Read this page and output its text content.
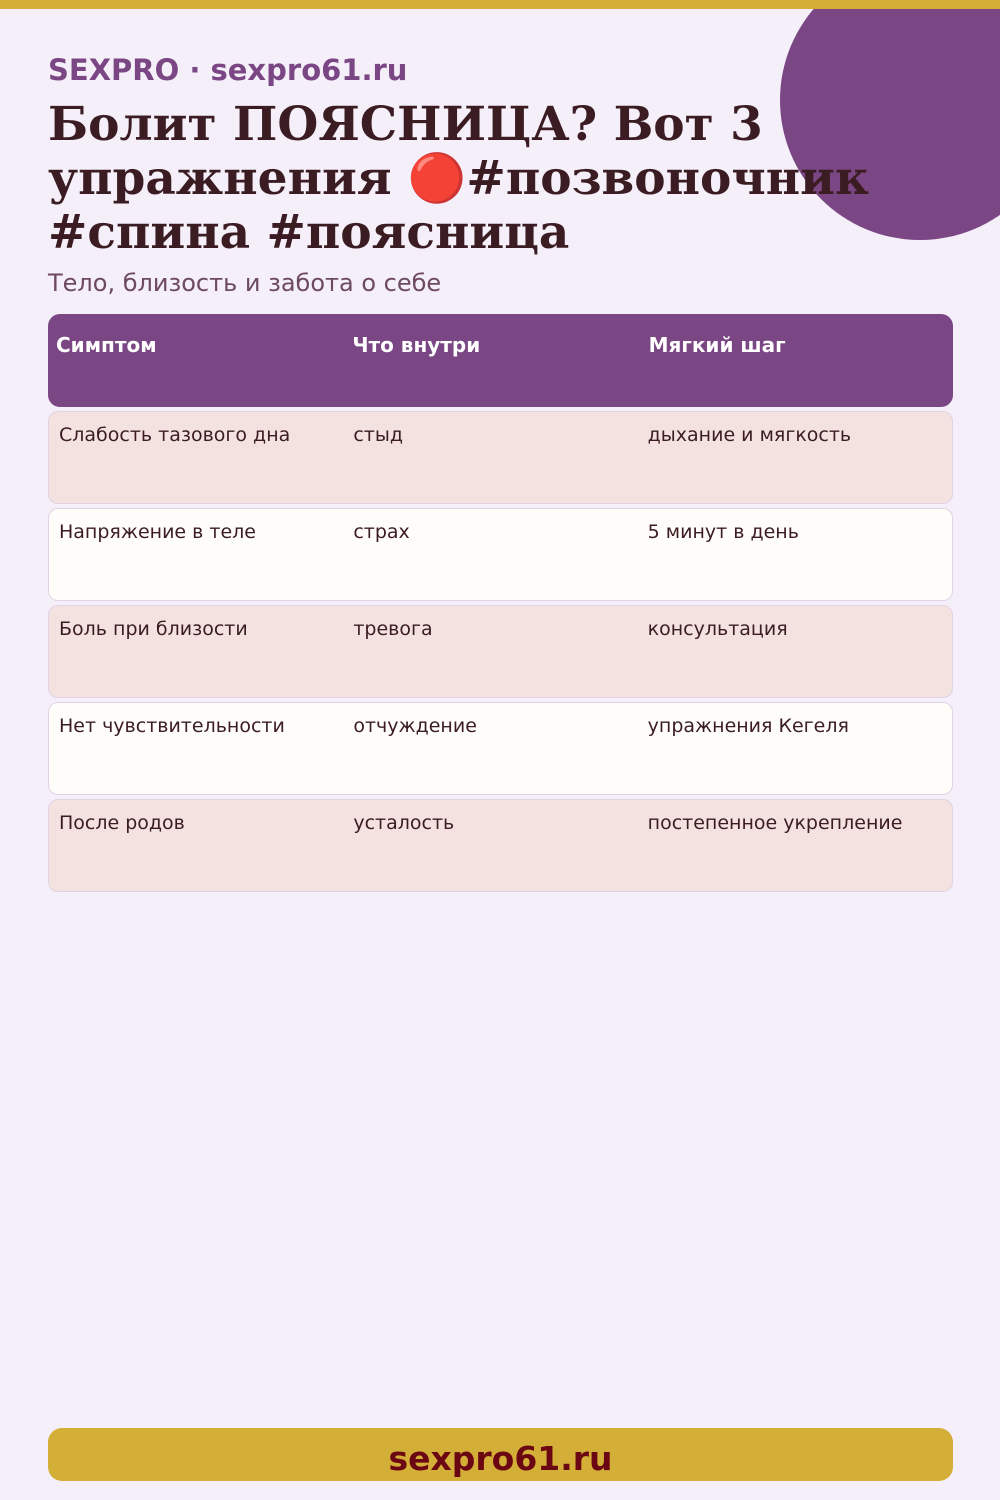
SEXPRO · sexpro61.ru
Болит ПОЯСНИЦА? Вот 3 упражнения 🔴#позвоночник #спина #поясница
Тело, близость и забота о себе
Симптом	Что внутри	Мягкий шаг
Слабость тазового дна	стыд	дыхание и мягкость
Напряжение в теле	страх	5 минут в день
Боль при близости	тревога	консультация
Нет чувствительности	отчуждение	упражнения Кегеля
После родов	усталость	постепенное укрепление
sexpro61.ru
